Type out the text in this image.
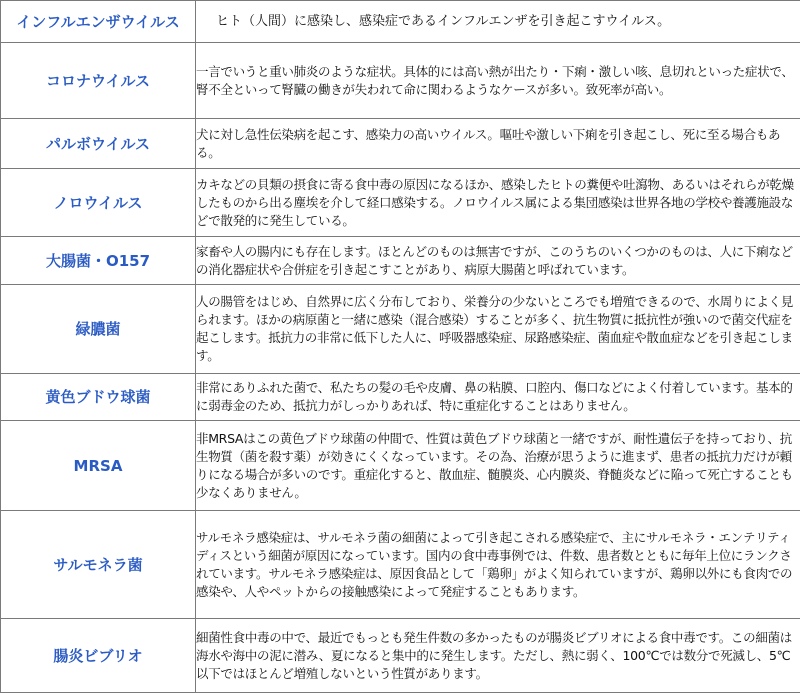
インフルエンザウイルス	ヒト（人間）に感染し、感染症であるインフルエンザを引き起こすウイルス。
コロナウイルス	一言でいうと重い肺炎のような症状。具体的には高い熱が出たり・下痢・激しい咳、息切れといった症状で、腎不全といって腎臓の働きが失われて命に関わるようなケースが多い。致死率が高い。
パルボウイルス	犬に対し急性伝染病を起こす、感染力の高いウイルス。嘔吐や激しい下痢を引き起こし、死に至る場合もある。
ノロウイルス	カキなどの貝類の摂食に寄る食中毒の原因になるほか、感染したヒトの糞便や吐瀉物、あるいはそれらが乾燥したものから出る塵埃を介して経口感染する。ノロウイルス属による集団感染は世界各地の学校や養護施設などで散発的に発生している。
大腸菌・O157	家畜や人の腸内にも存在します。ほとんどのものは無害ですが、このうちのいくつかのものは、人に下痢などの消化器症状や合併症を引き起こすことがあり、病原大腸菌と呼ばれています。
緑膿菌	人の腸管をはじめ、自然界に広く分布しており、栄養分の少ないところでも増殖できるので、水周りによく見られます。ほかの病原菌と一緒に感染（混合感染）することが多く、抗生物質に抵抗性が強いので菌交代症を起こします。抵抗力の非常に低下した人に、呼吸器感染症、尿路感染症、菌血症や散血症などを引き起こします。
黄色ブドウ球菌	非常にありふれた菌で、私たちの髪の毛や皮膚、鼻の粘膜、口腔内、傷口などによく付着しています。基本的に弱毒金のため、抵抗力がしっかりあれば、特に重症化することはありません。
MRSA	非MRSAはこの黄色ブドウ球菌の仲間で、性質は黄色ブドウ球菌と一緒ですが、耐性遺伝子を持っており、抗生物質（菌を殺す薬）が効きにくくなっています。その為、治療が思うように進まず、患者の抵抗力だけが頼りになる場合が多いのです。重症化すると、散血症、髄膜炎、心内膜炎、脊髄炎などに陥って死亡することも少なくありません。
サルモネラ菌	サルモネラ感染症は、サルモネラ菌の細菌によって引き起こされる感染症で、主にサルモネラ・エンテリティディスという細菌が原因になっています。国内の食中毒事例では、件数、患者数とともに毎年上位にランクされています。サルモネラ感染症は、原因食品として「鶏卵」がよく知られていますが、鶏卵以外にも食肉での感染や、人やペットからの接触感染によって発症することもあります。
腸炎ビブリオ	細菌性食中毒の中で、最近でもっとも発生件数の多かったものが腸炎ビブリオによる食中毒です。この細菌は海水や海中の泥に潜み、夏になると集中的に発生します。ただし、熱に弱く、100℃では数分で死滅し、5℃以下ではほとんど増殖しないという性質があります。
